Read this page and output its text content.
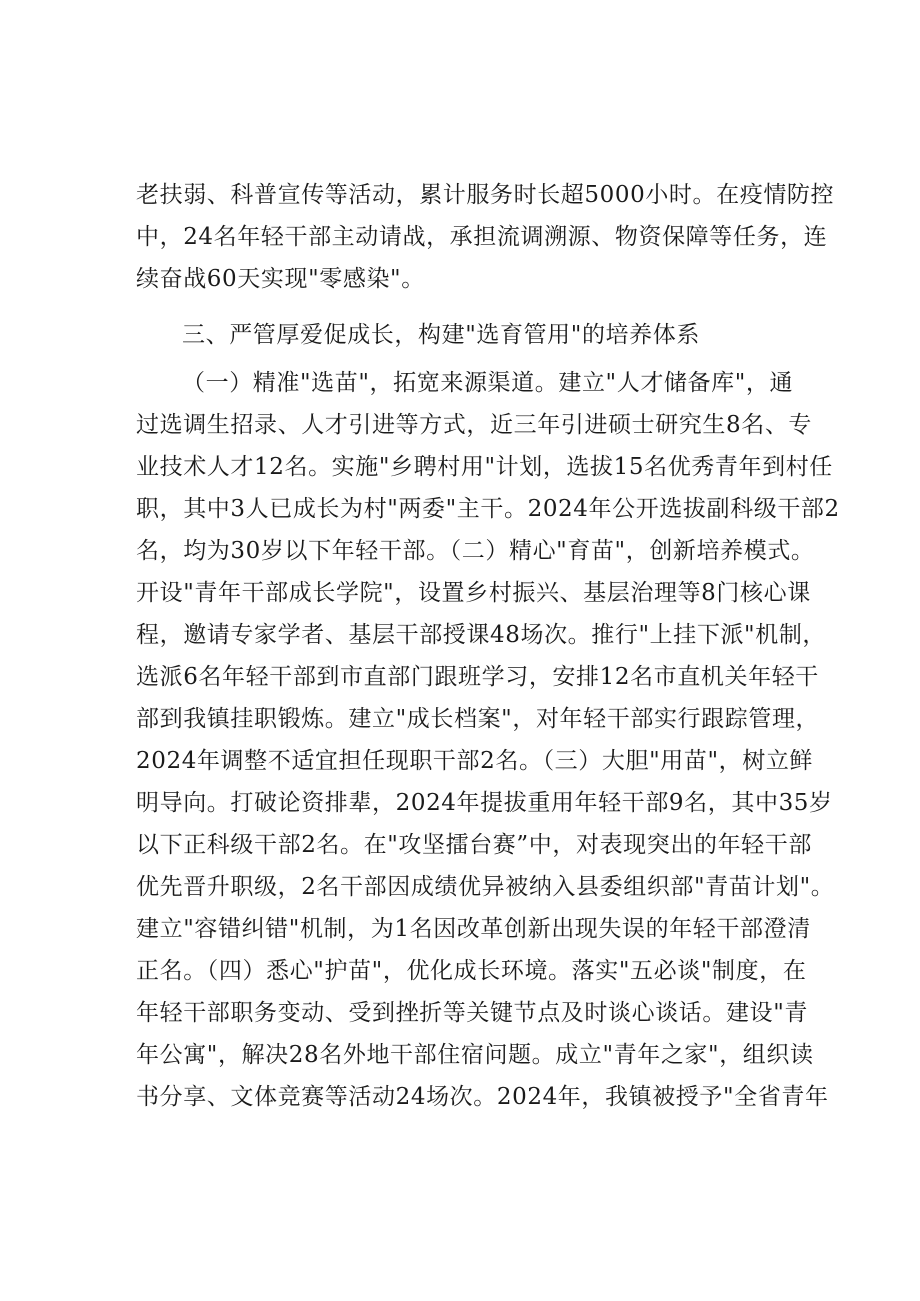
老扶弱、科普宣传等活动，累计服务时长超5000小时。在疫情防控
中，24名年轻干部主动请战，承担流调溯源、物资保障等任务，连
续奋战60天实现"零感染"。
三、严管厚爱促成长，构建"选育管用"的培养体系
（一）精准"选苗"，拓宽来源渠道。建立"人才储备库"，通
过选调生招录、人才引进等方式，近三年引进硕士研究生8名、专
业技术人才12名。实施"乡聘村用"计划，选拔15名优秀青年到村任
职，其中3人已成长为村"两委"主干。2024年公开选拔副科级干部2
名，均为30岁以下年轻干部。（二）精心"育苗"，创新培养模式。
开设"青年干部成长学院"，设置乡村振兴、基层治理等8门核心课
程，邀请专家学者、基层干部授课48场次。推行"上挂下派"机制，
选派6名年轻干部到市直部门跟班学习，安排12名市直机关年轻干
部到我镇挂职锻炼。建立"成长档案"，对年轻干部实行跟踪管理，
2024年调整不适宜担任现职干部2名。（三）大胆"用苗"，树立鲜
明导向。打破论资排辈，2024年提拔重用年轻干部9名，其中35岁
以下正科级干部2名。在"攻坚擂台赛”中，对表现突出的年轻干部
优先晋升职级，2名干部因成绩优异被纳入县委组织部"青苗计划"。
建立"容错纠错"机制，为1名因改革创新出现失误的年轻干部澄清
正名。（四）悉心"护苗"，优化成长环境。落实"五必谈"制度，在
年轻干部职务变动、受到挫折等关键节点及时谈心谈话。建设"青
年公寓"，解决28名外地干部住宿问题。成立"青年之家"，组织读
书分享、文体竞赛等活动24场次。2024年，我镇被授予"全省青年
